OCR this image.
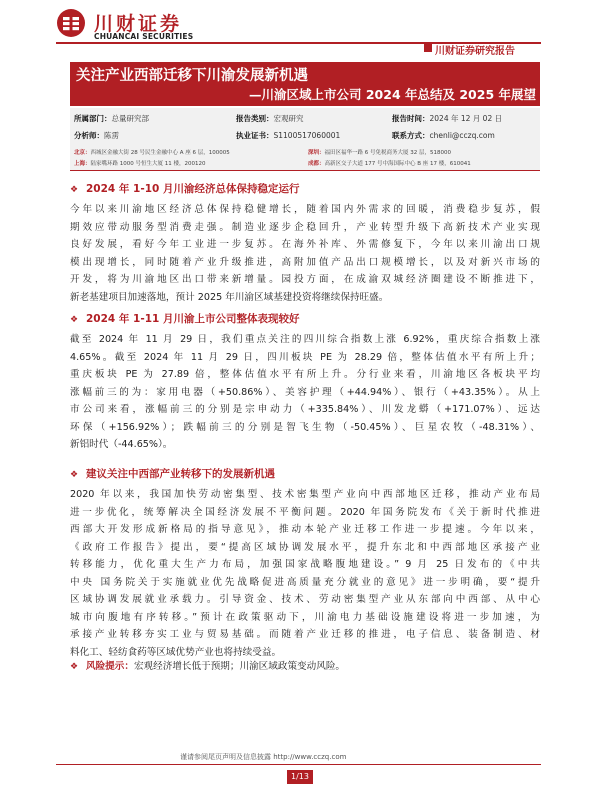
川财证券
CHUANCAI SECURITIES
川财证券研究报告
关注产业西部迁移下川渝发展新机遇
—川渝区域上市公司 2024 年总结及 2025 年展望
所属部门：总量研究部	报告类别：宏观研究	报告时间：2024 年 12 月 02 日
分析师：陈雳	执业证书：S1100517060001	联系方式：chenli@cczq.com
北京：西城区金融大街 28 号民生金融中心 A 座 6 层，100005	深圳：福田区福华一路 6 号免税商务大厦 32 层，518000
上海：陆家嘴环路 1000 号恒生大厦 11 楼，200120	成都：高新区交子大道 177 号中海国际中心 B 座 17 楼，610041
❖ 2024 年 1-10 月川渝经济总体保持稳定运行
今年以来川渝地区经济总体保持稳健增长，随着国内外需求的回暖，消费稳步复苏，假
期效应带动服务型消费走强。制造业逐步企稳回升，产业转型升级下高新技术产业实现
良好发展，看好今年工业进一步复苏。在海外补库、外需修复下，今年以来川渝出口规
模出现增长，同时随着产业升级推进，高附加值产品出口规模增长，以及对新兴市场的
开发，将为川渝地区出口带来新增量。园投方面，在成渝双城经济圈建设不断推进下，
新老基建项目加速落地，预计 2025 年川渝区域基建投资将继续保持旺盛。
❖ 2024 年 1-11 月川渝上市公司整体表现较好
截至 2024 年 11 月 29 日，我们重点关注的四川综合指数上涨 6.92%，重庆综合指数上涨
4.65%。截至 2024 年 11 月 29 日，四川板块 PE 为 28.29 倍，整体估值水平有所上升；
重庆板块 PE 为 27.89 倍，整体估值水平有所上升。分行业来看，川渝地区各板块平均
涨幅前三的为：家用电器（+50.86%）、美容护理（+44.94%）、银行（+43.35%）。从上
市公司来看，涨幅前三的分别是宗申动力（+335.84%）、川发龙蟒（+171.07%）、远达
环保（+156.92%）；跌幅前三的分别是智飞生物（-50.45%）、巨星农牧（-48.31%）、
新铝时代（-44.65%）。
❖ 建议关注中西部产业转移下的发展新机遇
2020 年以来，我国加快劳动密集型、技术密集型产业向中西部地区迁移，推动产业布局
进一步优化，统筹解决全国经济发展不平衡问题。2020 年国务院发布《关于新时代推进
西部大开发形成新格局的指导意见》，推动本轮产业迁移工作进一步提速。今年以来，
《政府工作报告》提出，要“提高区域协调发展水平，提升东北和中西部地区承接产业
转移能力，优化重大生产力布局，加强国家战略腹地建设。” 9 月 25 日发布的《中共
中央 国务院关于实施就业优先战略促进高质量充分就业的意见》进一步明确，要“提升
区域协调发展就业承载力。引导资金、技术、劳动密集型产业从东部向中西部、从中心
城市向腹地有序转移。”预计在政策驱动下，川渝电力基础设施建设将进一步加速，为
承接产业转移夯实工业与贸易基础。而随着产业迁移的推进，电子信息、装备制造、材
料化工、轻纺食药等区域优势产业也将持续受益。
❖ 风险提示：宏观经济增长低于预期；川渝区域政策变动风险。
谨请参阅尾页声明及信息披露 http://www.cczq.com
1/13
